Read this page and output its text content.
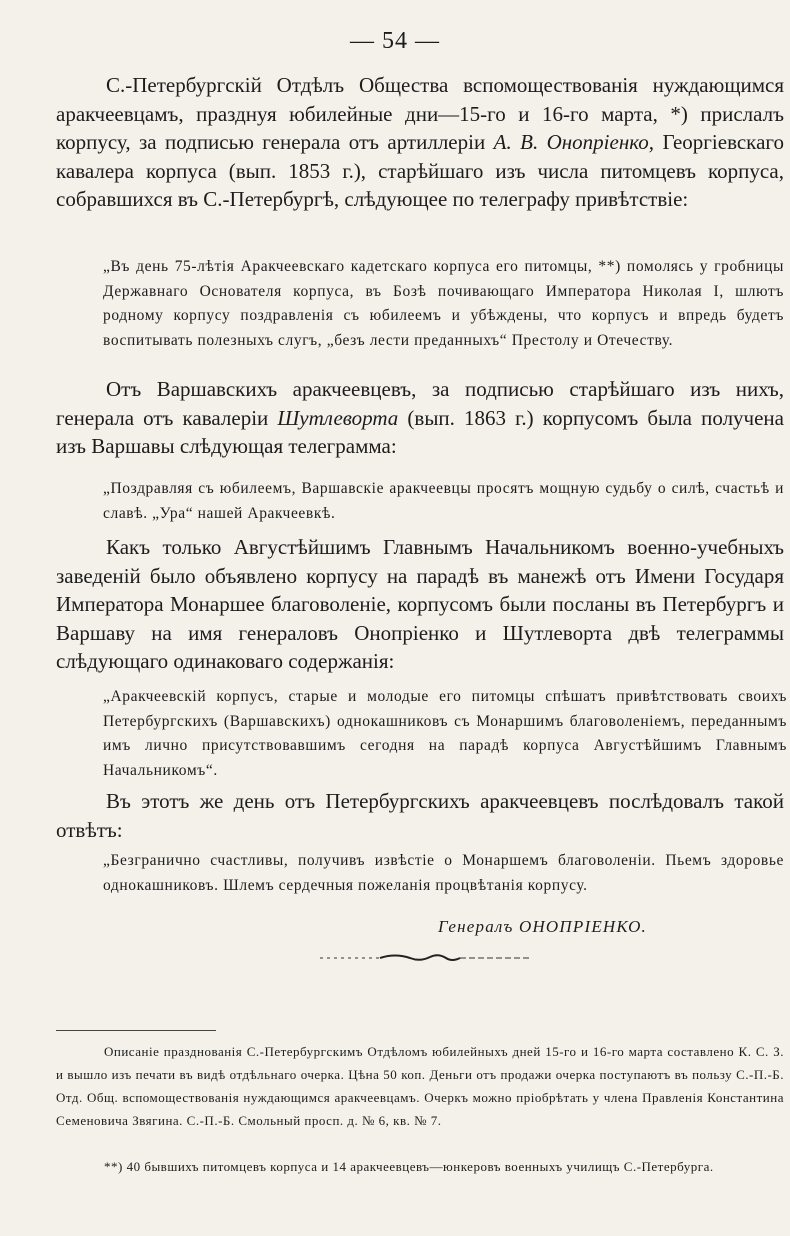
— 54 —
С.-Петербургскій Отдѣлъ Общества вспомоществованія нуждающимся аракчеевцамъ, празднуя юбилейные дни—15-го и 16-го марта, *) прислалъ корпусу, за подписью генерала отъ артиллеріи А. В. Онопріенко, Георгіевскаго кавалера корпуса (вып. 1853 г.), старѣйшаго изъ числа питомцевъ корпуса, собравшихся въ С.-Петербургѣ, слѣдующее по телеграфу привѣтствіе:
„Въ день 75-лѣтія Аракчеевскаго кадетскаго корпуса его питомцы, **) помолясь у гробницы Державнаго Основателя корпуса, въ Бозѣ почивающаго Императора Николая I, шлютъ родному корпусу поздравленія съ юбилеемъ и убѣждены, что корпусъ и впредь будетъ воспитывать полезныхъ слугъ, „безъ лести преданныхъ“ Престолу и Отечеству.
Отъ Варшавскихъ аракчеевцевъ, за подписью старѣйшаго изъ нихъ, генерала отъ кавалеріи Шутлеворта (вып. 1863 г.) корпусомъ была получена изъ Варшавы слѣдующая телеграмма:
„Поздравляя съ юбилеемъ, Варшавскіе аракчеевцы просятъ мощную судьбу о силѣ, счастьѣ и славѣ. „Ура“ нашей Аракчеевкѣ.
Какъ только Августѣйшимъ Главнымъ Начальникомъ военно-учебныхъ заведеній было объявлено корпусу на парадѣ въ манежѣ отъ Имени Государя Императора Монаршее благоволеніе, корпусомъ были посланы въ Петербургъ и Варшаву на имя генераловъ Онопріенко и Шутлеворта двѣ телеграммы слѣдующаго одинаковаго содержанія:
„Аракчеевскій корпусъ, старые и молодые его питомцы спѣшатъ привѣтствовать своихъ Петербургскихъ (Варшавскихъ) однокашниковъ съ Монаршимъ благоволеніемъ, переданнымъ имъ лично присутствовавшимъ сегодня на парадѣ корпуса Августѣйшимъ Главнымъ Начальникомъ“.
Въ этотъ же день отъ Петербургскихъ аракчеевцевъ послѣдовалъ такой отвѣтъ:
„Безгранично счастливы, получивъ извѣстіе о Монаршемъ благоволеніи. Пьемъ здоровье однокашниковъ. Шлемъ сердечныя пожеланія процвѣтанія корпусу.
Генералъ ОНОПРІЕНКО.
Описаніе празднованія С.-Петербургскимъ Отдѣломъ юбилейныхъ дней 15-го и 16-го марта составлено К. С. З. и вышло изъ печати въ видѣ отдѣльнаго очерка. Цѣна 50 коп. Деньги отъ продажи очерка поступаютъ въ пользу С.-П.-Б. Отд. Общ. вспомоществованія нуждающимся аракчеевцамъ. Очеркъ можно пріобрѣтать у члена Правленія Константина Семеновича Звягина. С.-П.-Б. Смольный просп. д. № 6, кв. № 7.
**) 40 бывшихъ питомцевъ корпуса и 14 аракчеевцевъ—юнкеровъ военныхъ училищъ С.-Петербурга.
